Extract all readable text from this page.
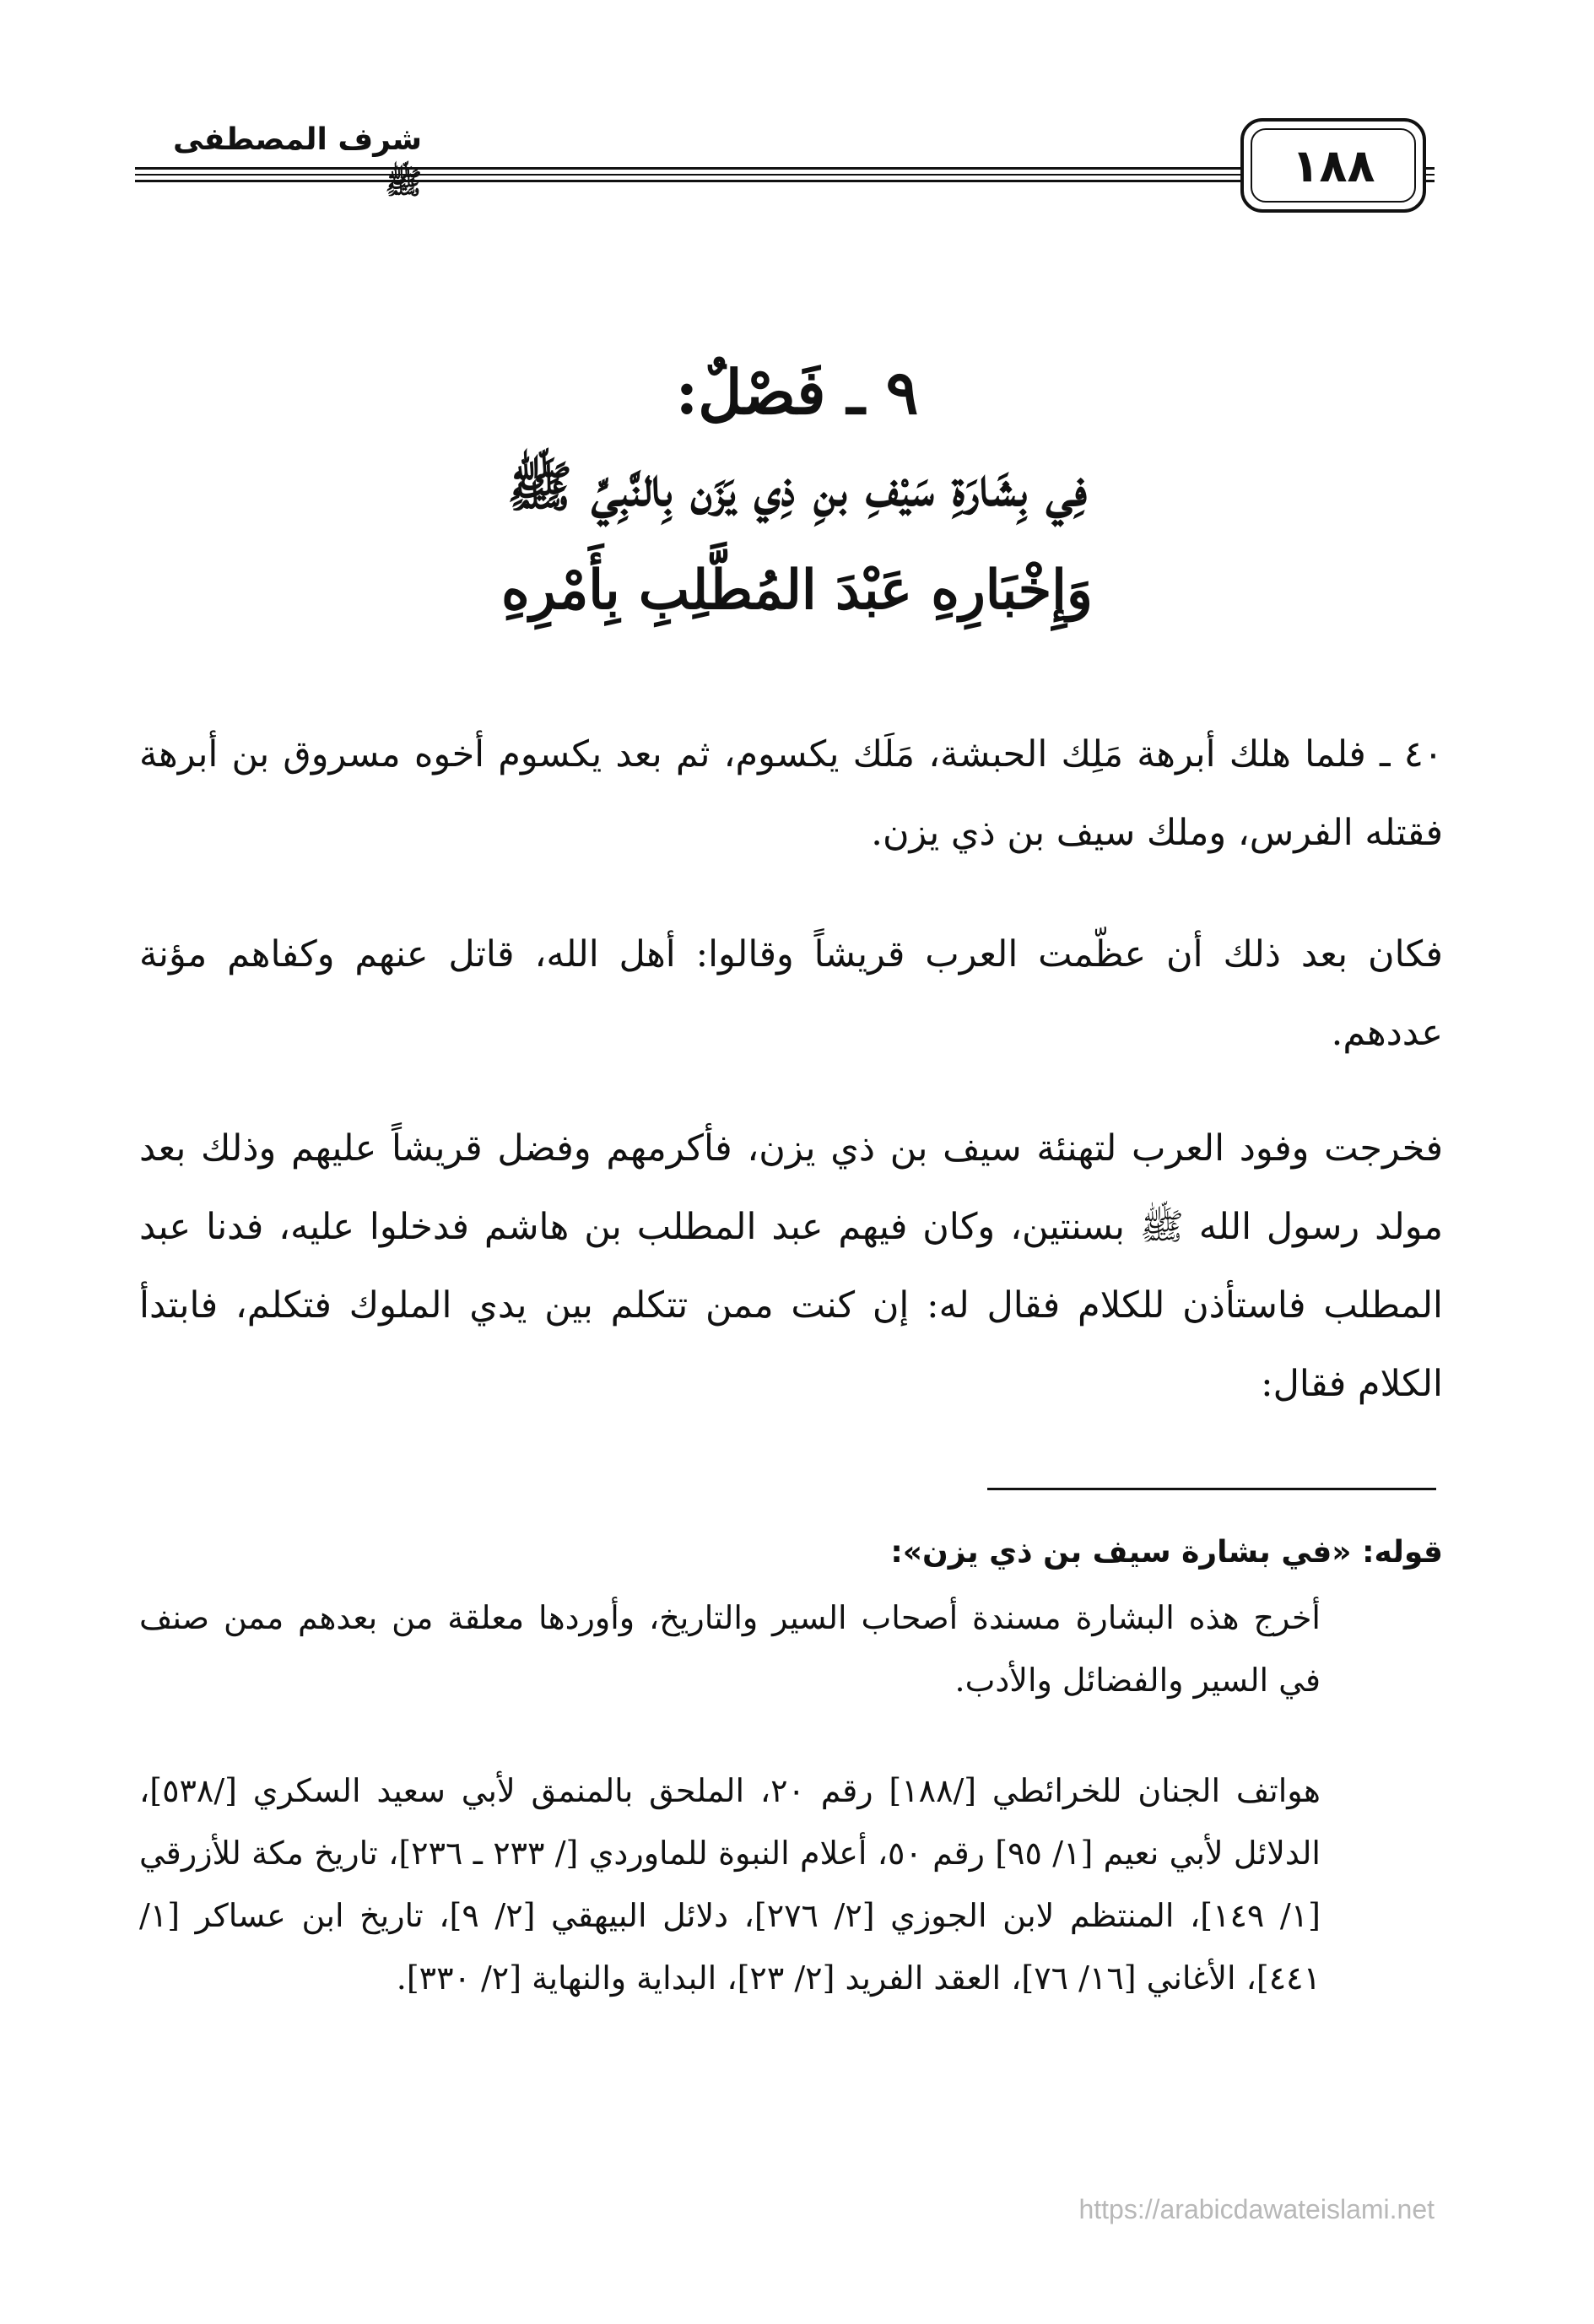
شرف المصطفى ﷺ	١٨٨
٩ ـ فَصْلٌ:
فِي بِشَارَةِ سَيْفِ بنِ ذِي يَزَن بِالنَّبِيِّ ﷺ
وَإِخْبَارِهِ عَبْدَ المُطَّلِبِ بِأَمْرِهِ
٤٠ ـ فلما هلك أبرهة مَلِك الحبشة، مَلَك يكسوم، ثم بعد يكسوم أخوه مسروق بن أبرهة فقتله الفرس، وملك سيف بن ذي يزن.
فكان بعد ذلك أن عظّمت العرب قريشاً وقالوا: أهل الله، قاتل عنهم وكفاهم مؤنة عددهم.
فخرجت وفود العرب لتهنئة سيف بن ذي يزن، فأكرمهم وفضل قريشاً عليهم وذلك بعد مولد رسول الله ﷺ بسنتين، وكان فيهم عبد المطلب بن هاشم فدخلوا عليه، فدنا عبد المطلب فاستأذن للكلام فقال له: إن كنت ممن تتكلم بين يدي الملوك فتكلم، فابتدأ الكلام فقال:
قوله: «في بشارة سيف بن ذي يزن»:
أخرج هذه البشارة مسندة أصحاب السير والتاريخ، وأوردها معلقة من بعدهم ممن صنف في السير والفضائل والأدب.
هواتف الجنان للخرائطي [/١٨٨] رقم ٢٠، الملحق بالمنمق لأبي سعيد السكري [/٥٣٨]، الدلائل لأبي نعيم [١/ ٩٥] رقم ٥٠، أعلام النبوة للماوردي [/ ٢٣٣ ـ ٢٣٦]، تاريخ مكة للأزرقي [١/ ١٤٩]، المنتظم لابن الجوزي [٢/ ٢٧٦]، دلائل البيهقي [٢/ ٩]، تاريخ ابن عساكر [١/ ٤٤١]، الأغاني [١٦/ ٧٦]، العقد الفريد [٢/ ٢٣]، البداية والنهاية [٢/ ٣٣٠].
https://arabicdawateislami.net
